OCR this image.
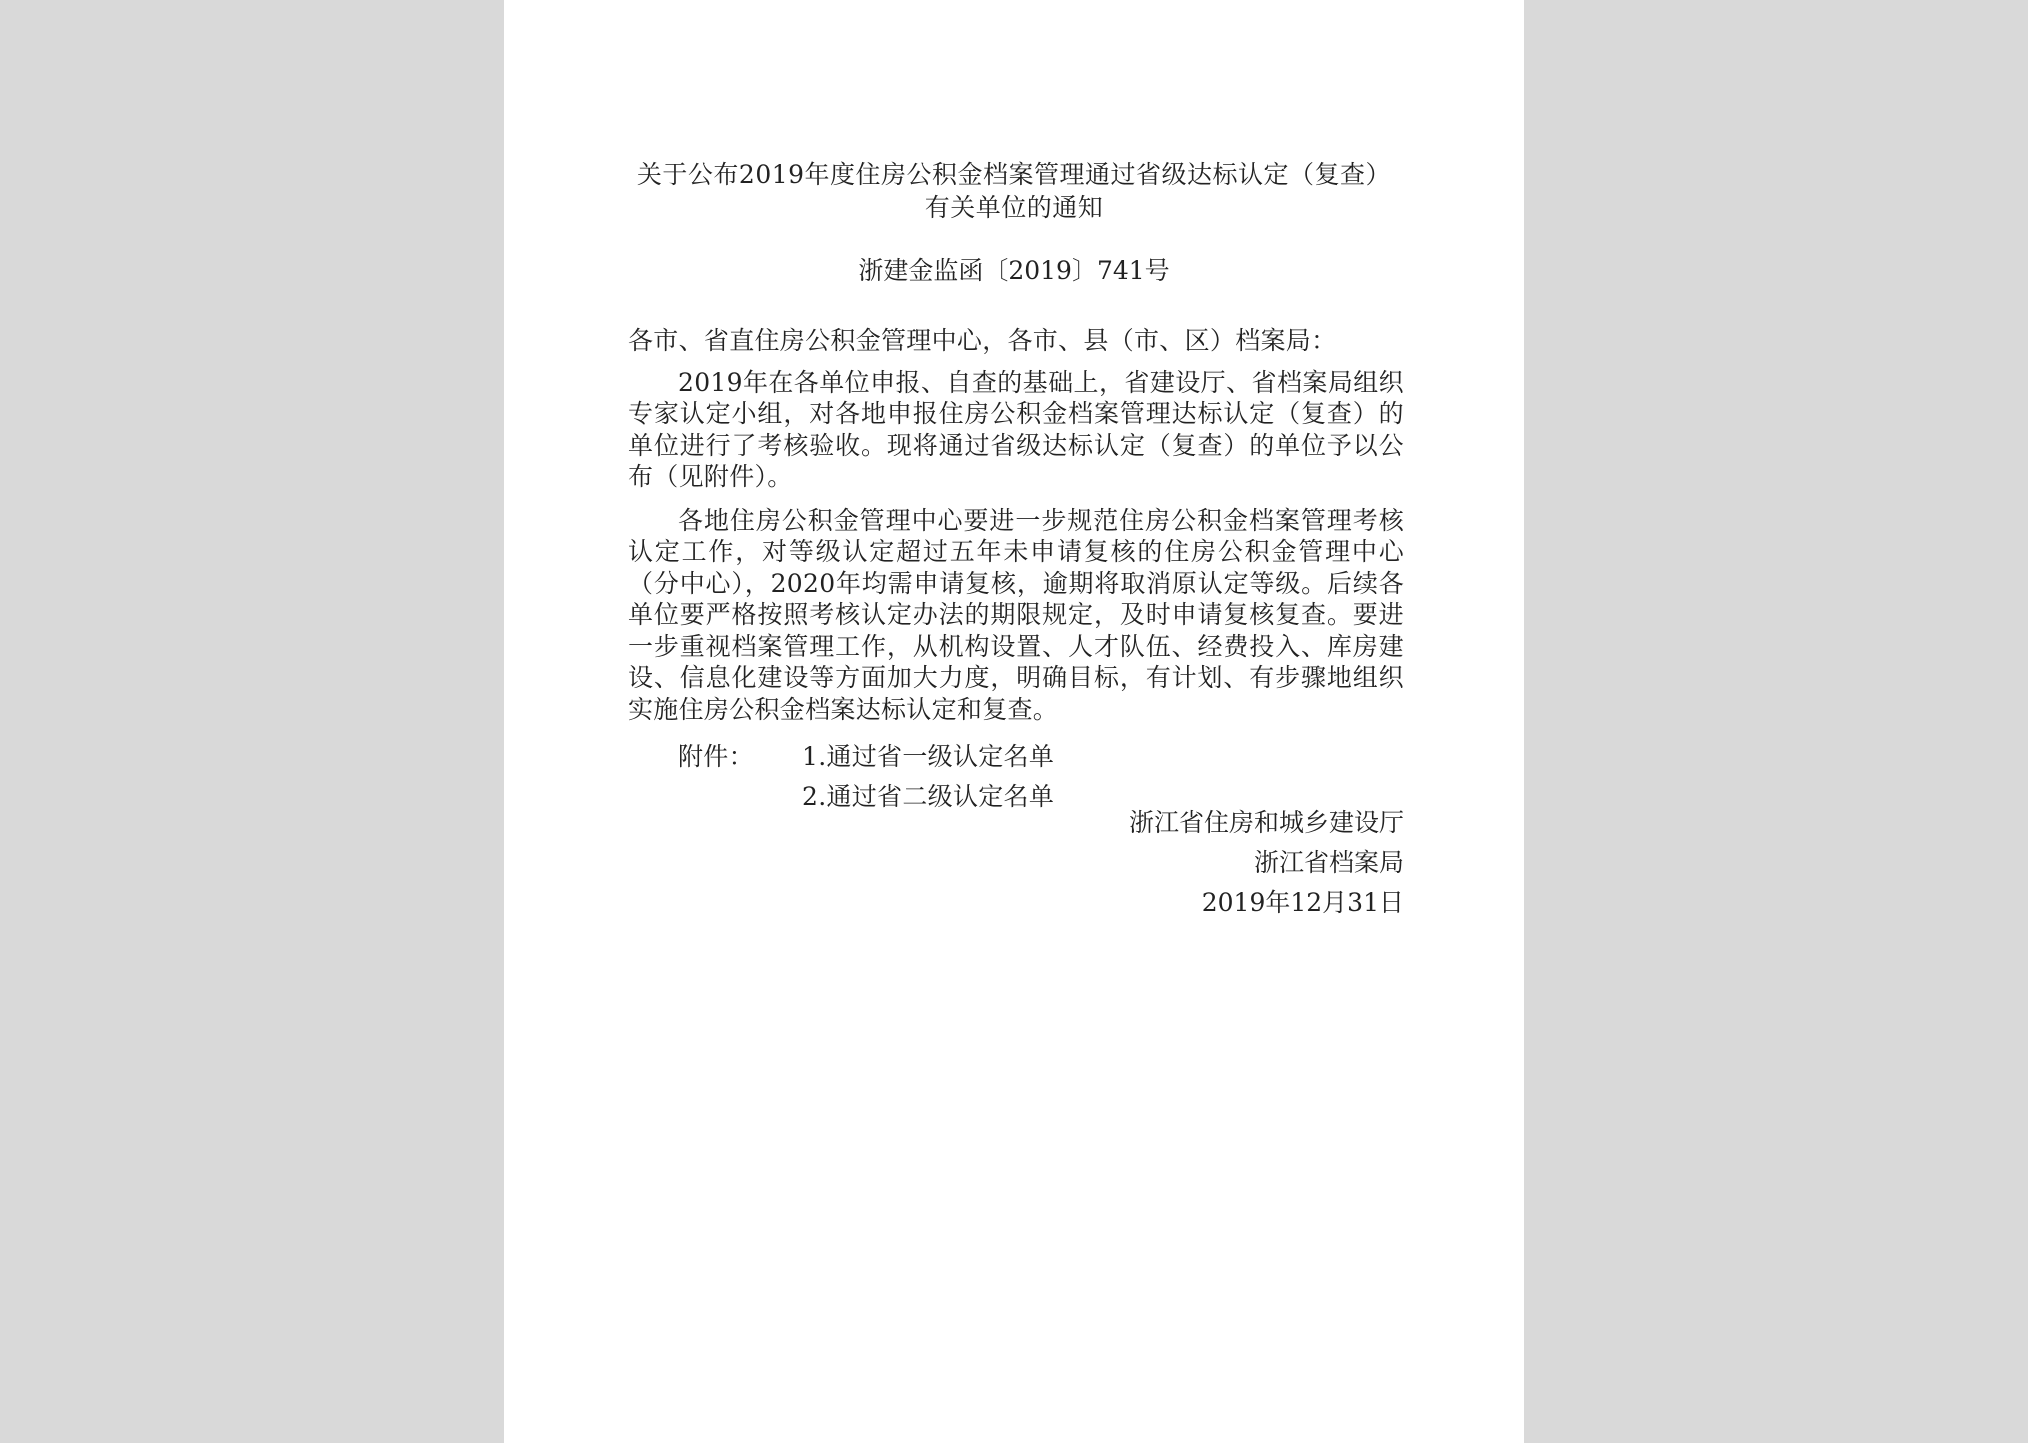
关于公布2019年度住房公积金档案管理通过省级达标认定（复查）有关单位的通知
浙建金监函〔2019〕741号

各市、省直住房公积金管理中心，各市、县（市、区）档案局：

2019年在各单位申报、自查的基础上，省建设厅、省档案局组织专家认定小组，对各地申报住房公积金档案管理达标认定（复查）的单位进行了考核验收。现将通过省级达标认定（复查）的单位予以公布（见附件）。

各地住房公积金管理中心要进一步规范住房公积金档案管理考核认定工作，对等级认定超过五年未申请复核的住房公积金管理中心（分中心），2020年均需申请复核，逾期将取消原认定等级。后续各单位要严格按照考核认定办法的期限规定，及时申请复核复查。要进一步重视档案管理工作，从机构设置、人才队伍、经费投入、库房建设、信息化建设等方面加大力度，明确目标，有计划、有步骤地组织实施住房公积金档案达标认定和复查。

附件：	1.通过省一级认定名单
2.通过省二级认定名单
浙江省住房和城乡建设厅
浙江省档案局
2019年12月31日
